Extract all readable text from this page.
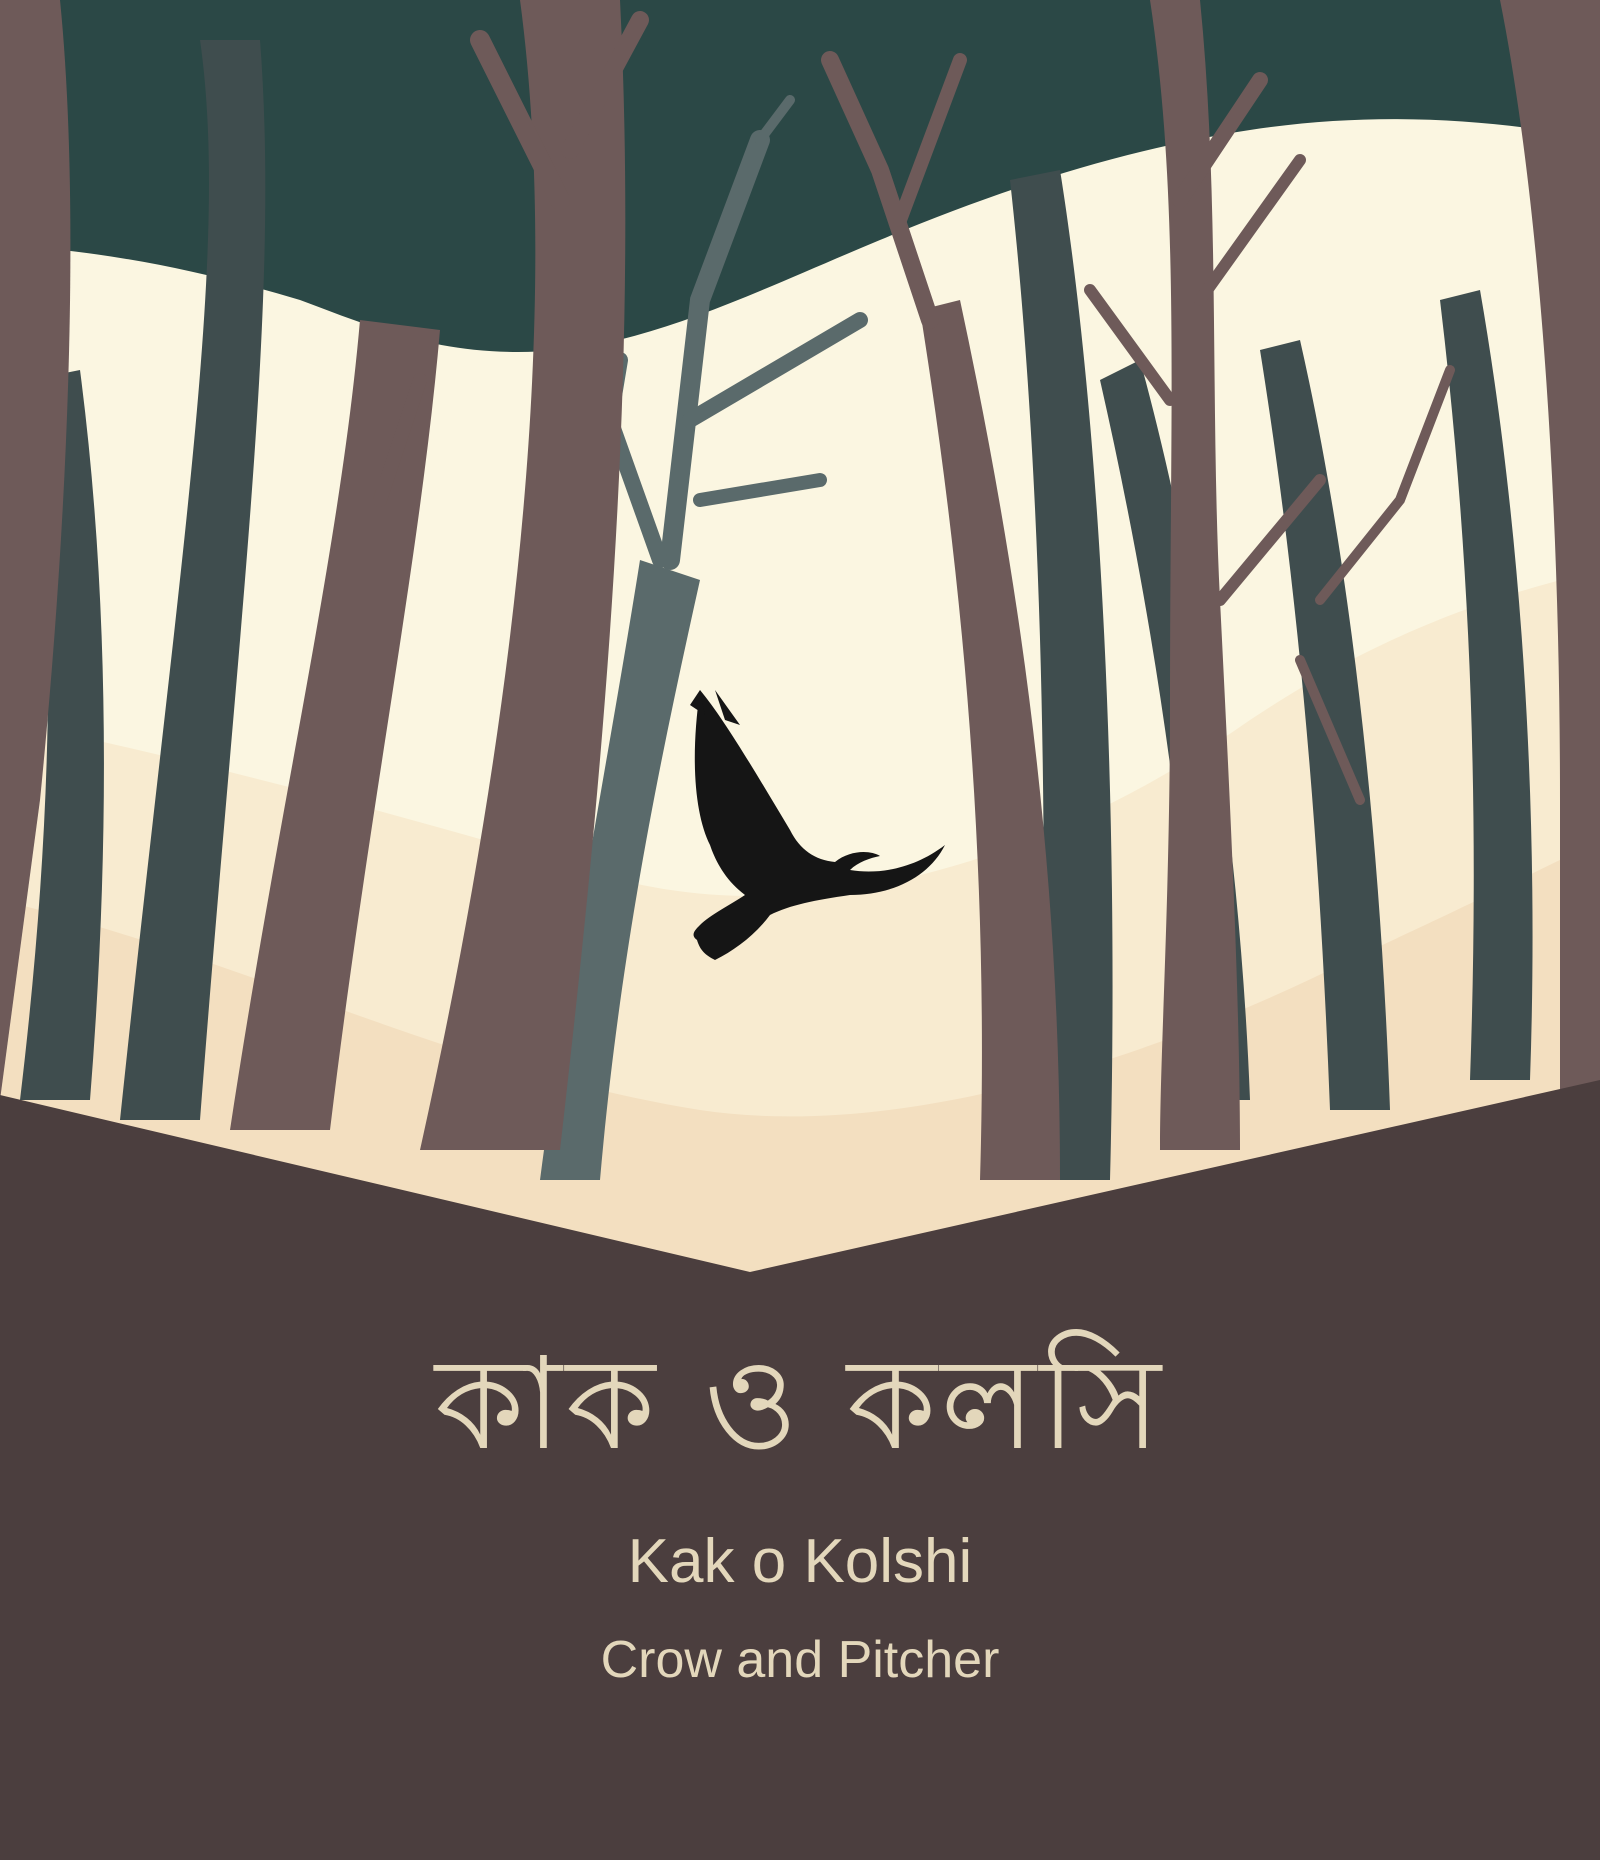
কাক ও কলসি
Kak o Kolshi
Crow and Pitcher
